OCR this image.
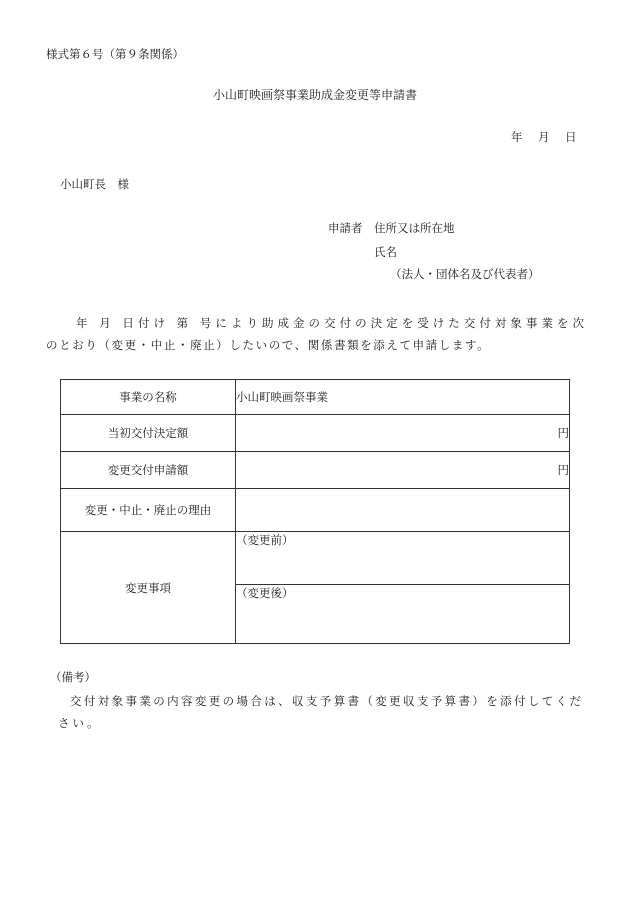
様式第６号（第９条関係）
小山町映画祭事業助成金変更等申請書
年　月　日
小山町長　様
申請者 住所又は所在地
氏名
（法人・団体名及び代表者）
年 月 日付け 第 号により助成金の交付の決定を受けた交付対象事業を次
のとおり（変更・中止・廃止）したいので、関係書類を添えて申請します。
事業の名称	小山町映画祭事業
当初交付決定額	円
変更交付申請額	円
変更・中止・廃止の理由	
変更事項	（変更前）
	（変更後）
（備考）
交付対象事業の内容変更の場合は、収支予算書（変更収支予算書）を添付してくだ
さい。
